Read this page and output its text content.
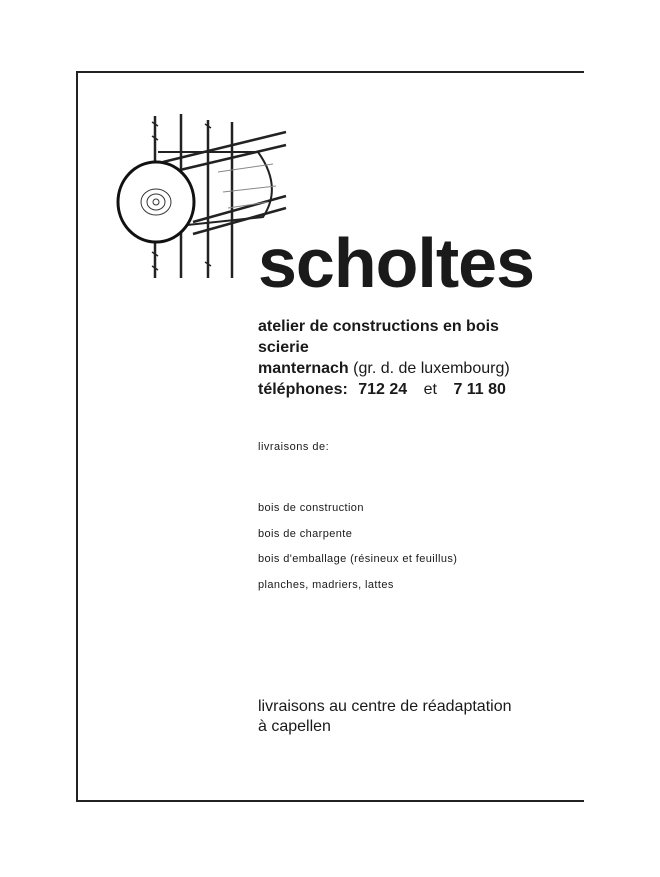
scholtes
atelier de constructions en bois
scierie
manternach (gr. d. de luxembourg)
téléphones: 712 24 et 7 11 80
livraisons de:
bois de construction
bois de charpente
bois d'emballage (résineux et feuillus)
planches, madriers, lattes
livraisons au centre de réadaptation
à capellen
